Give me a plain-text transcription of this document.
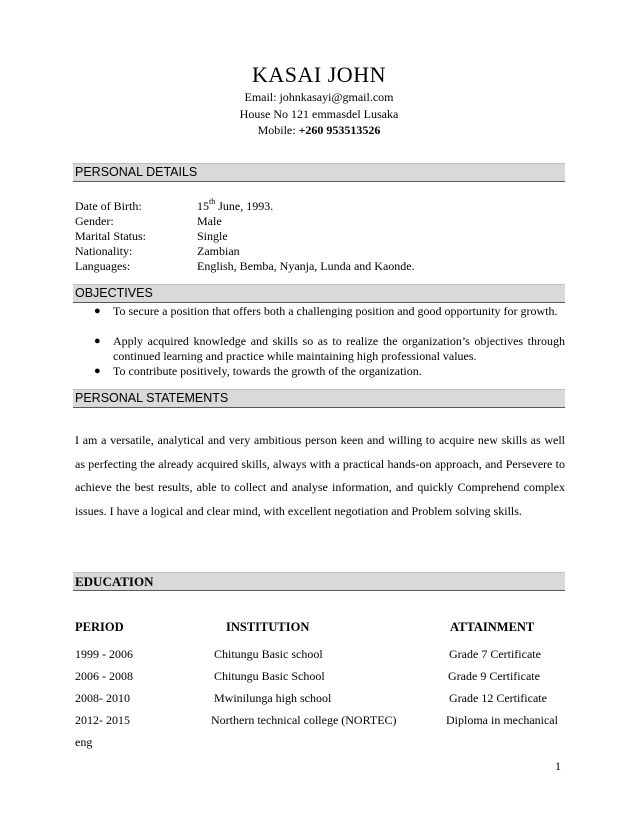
KASAI JOHN
Email: johnkasayi@gmail.com
House No 121 emmasdel Lusaka
Mobile: +260 953513526
PERSONAL DETAILS
Date of Birth:	15th June, 1993.
Gender:	Male
Marital Status:	Single
Nationality:	Zambian
Languages:	English, Bemba, Nyanja, Lunda and Kaonde.
OBJECTIVES
● To secure a position that offers both a challenging position and good opportunity for growth.
● Apply acquired knowledge and skills so as to realize the organization’s objectives through continued learning and practice while maintaining high professional values.
● To contribute positively, towards the growth of the organization.
PERSONAL STATEMENTS
I am a versatile, analytical and very ambitious person keen and willing to acquire new skills as well as perfecting the already acquired skills, always with a practical hands-on approach, and Persevere to achieve the best results, able to collect and analyse information, and quickly Comprehend complex issues. I have a logical and clear mind, with excellent negotiation and Problem solving skills.
EDUCATION
PERIOD	INSTITUTION	ATTAINMENT
1999 - 2006	Chitungu Basic school	Grade 7 Certificate
2006 - 2008	Chitungu Basic School	Grade 9 Certificate
2008- 2010	Mwinilunga high school	Grade 12 Certificate
2012- 2015	Northern technical college (NORTEC)	Diploma in mechanical
eng
1
